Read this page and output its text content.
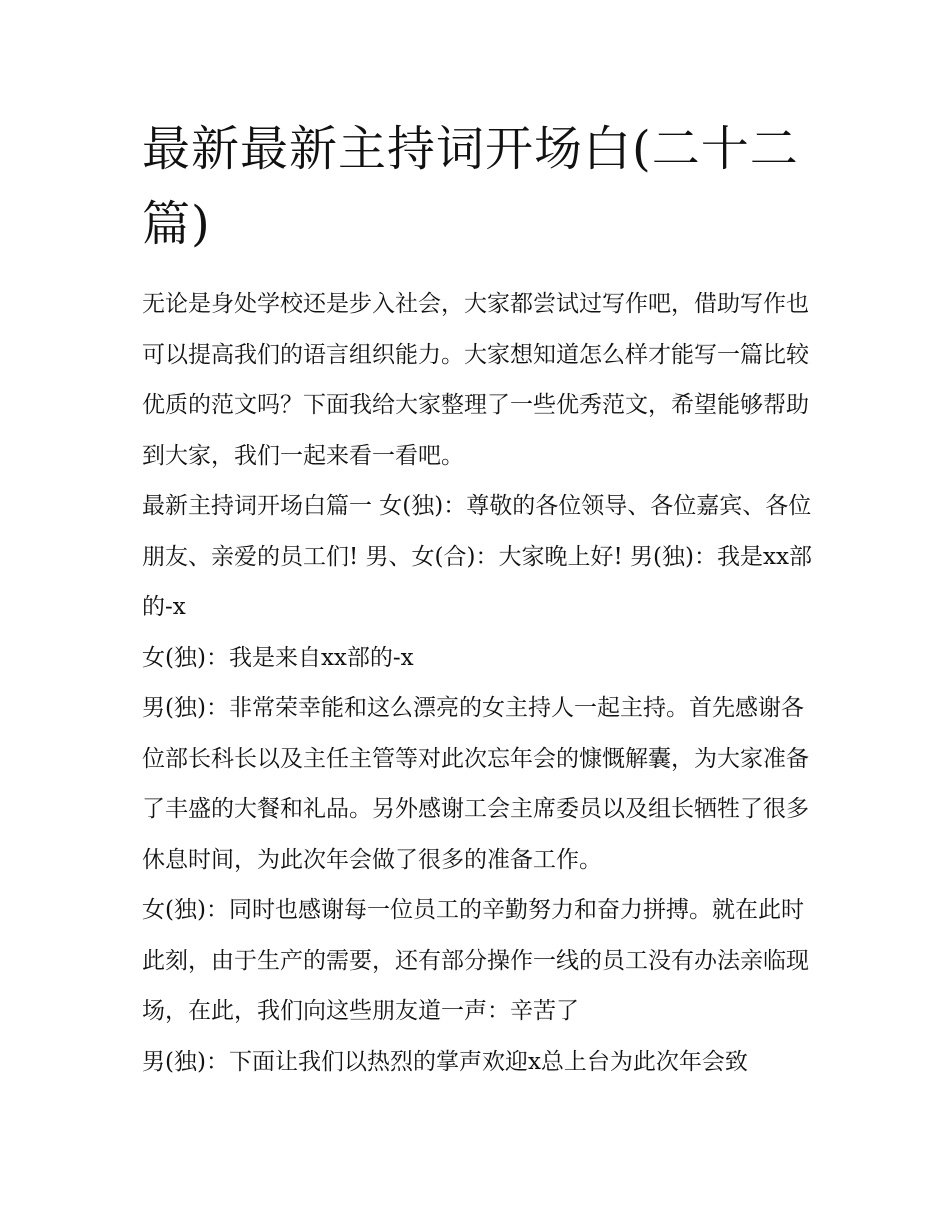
最新最新主持词开场白(二十二篇)

无论是身处学校还是步入社会，大家都尝试过写作吧，借助写作也可以提高我们的语言组织能力。大家想知道怎么样才能写一篇比较优质的范文吗？下面我给大家整理了一些优秀范文，希望能够帮助到大家，我们一起来看一看吧。

最新主持词开场白篇一 女(独)：尊敬的各位领导、各位嘉宾、各位朋友、亲爱的员工们! 男、女(合)：大家晚上好! 男(独)：我是xx部的-x

女(独)：我是来自xx部的-x

男(独)：非常荣幸能和这么漂亮的女主持人一起主持。首先感谢各位部长科长以及主任主管等对此次忘年会的慷慨解囊，为大家准备了丰盛的大餐和礼品。另外感谢工会主席委员以及组长牺牲了很多休息时间，为此次年会做了很多的准备工作。

女(独)：同时也感谢每一位员工的辛勤努力和奋力拼搏。就在此时此刻，由于生产的需要，还有部分操作一线的员工没有办法亲临现场，在此，我们向这些朋友道一声：辛苦了

男(独)：下面让我们以热烈的掌声欢迎x总上台为此次年会致
